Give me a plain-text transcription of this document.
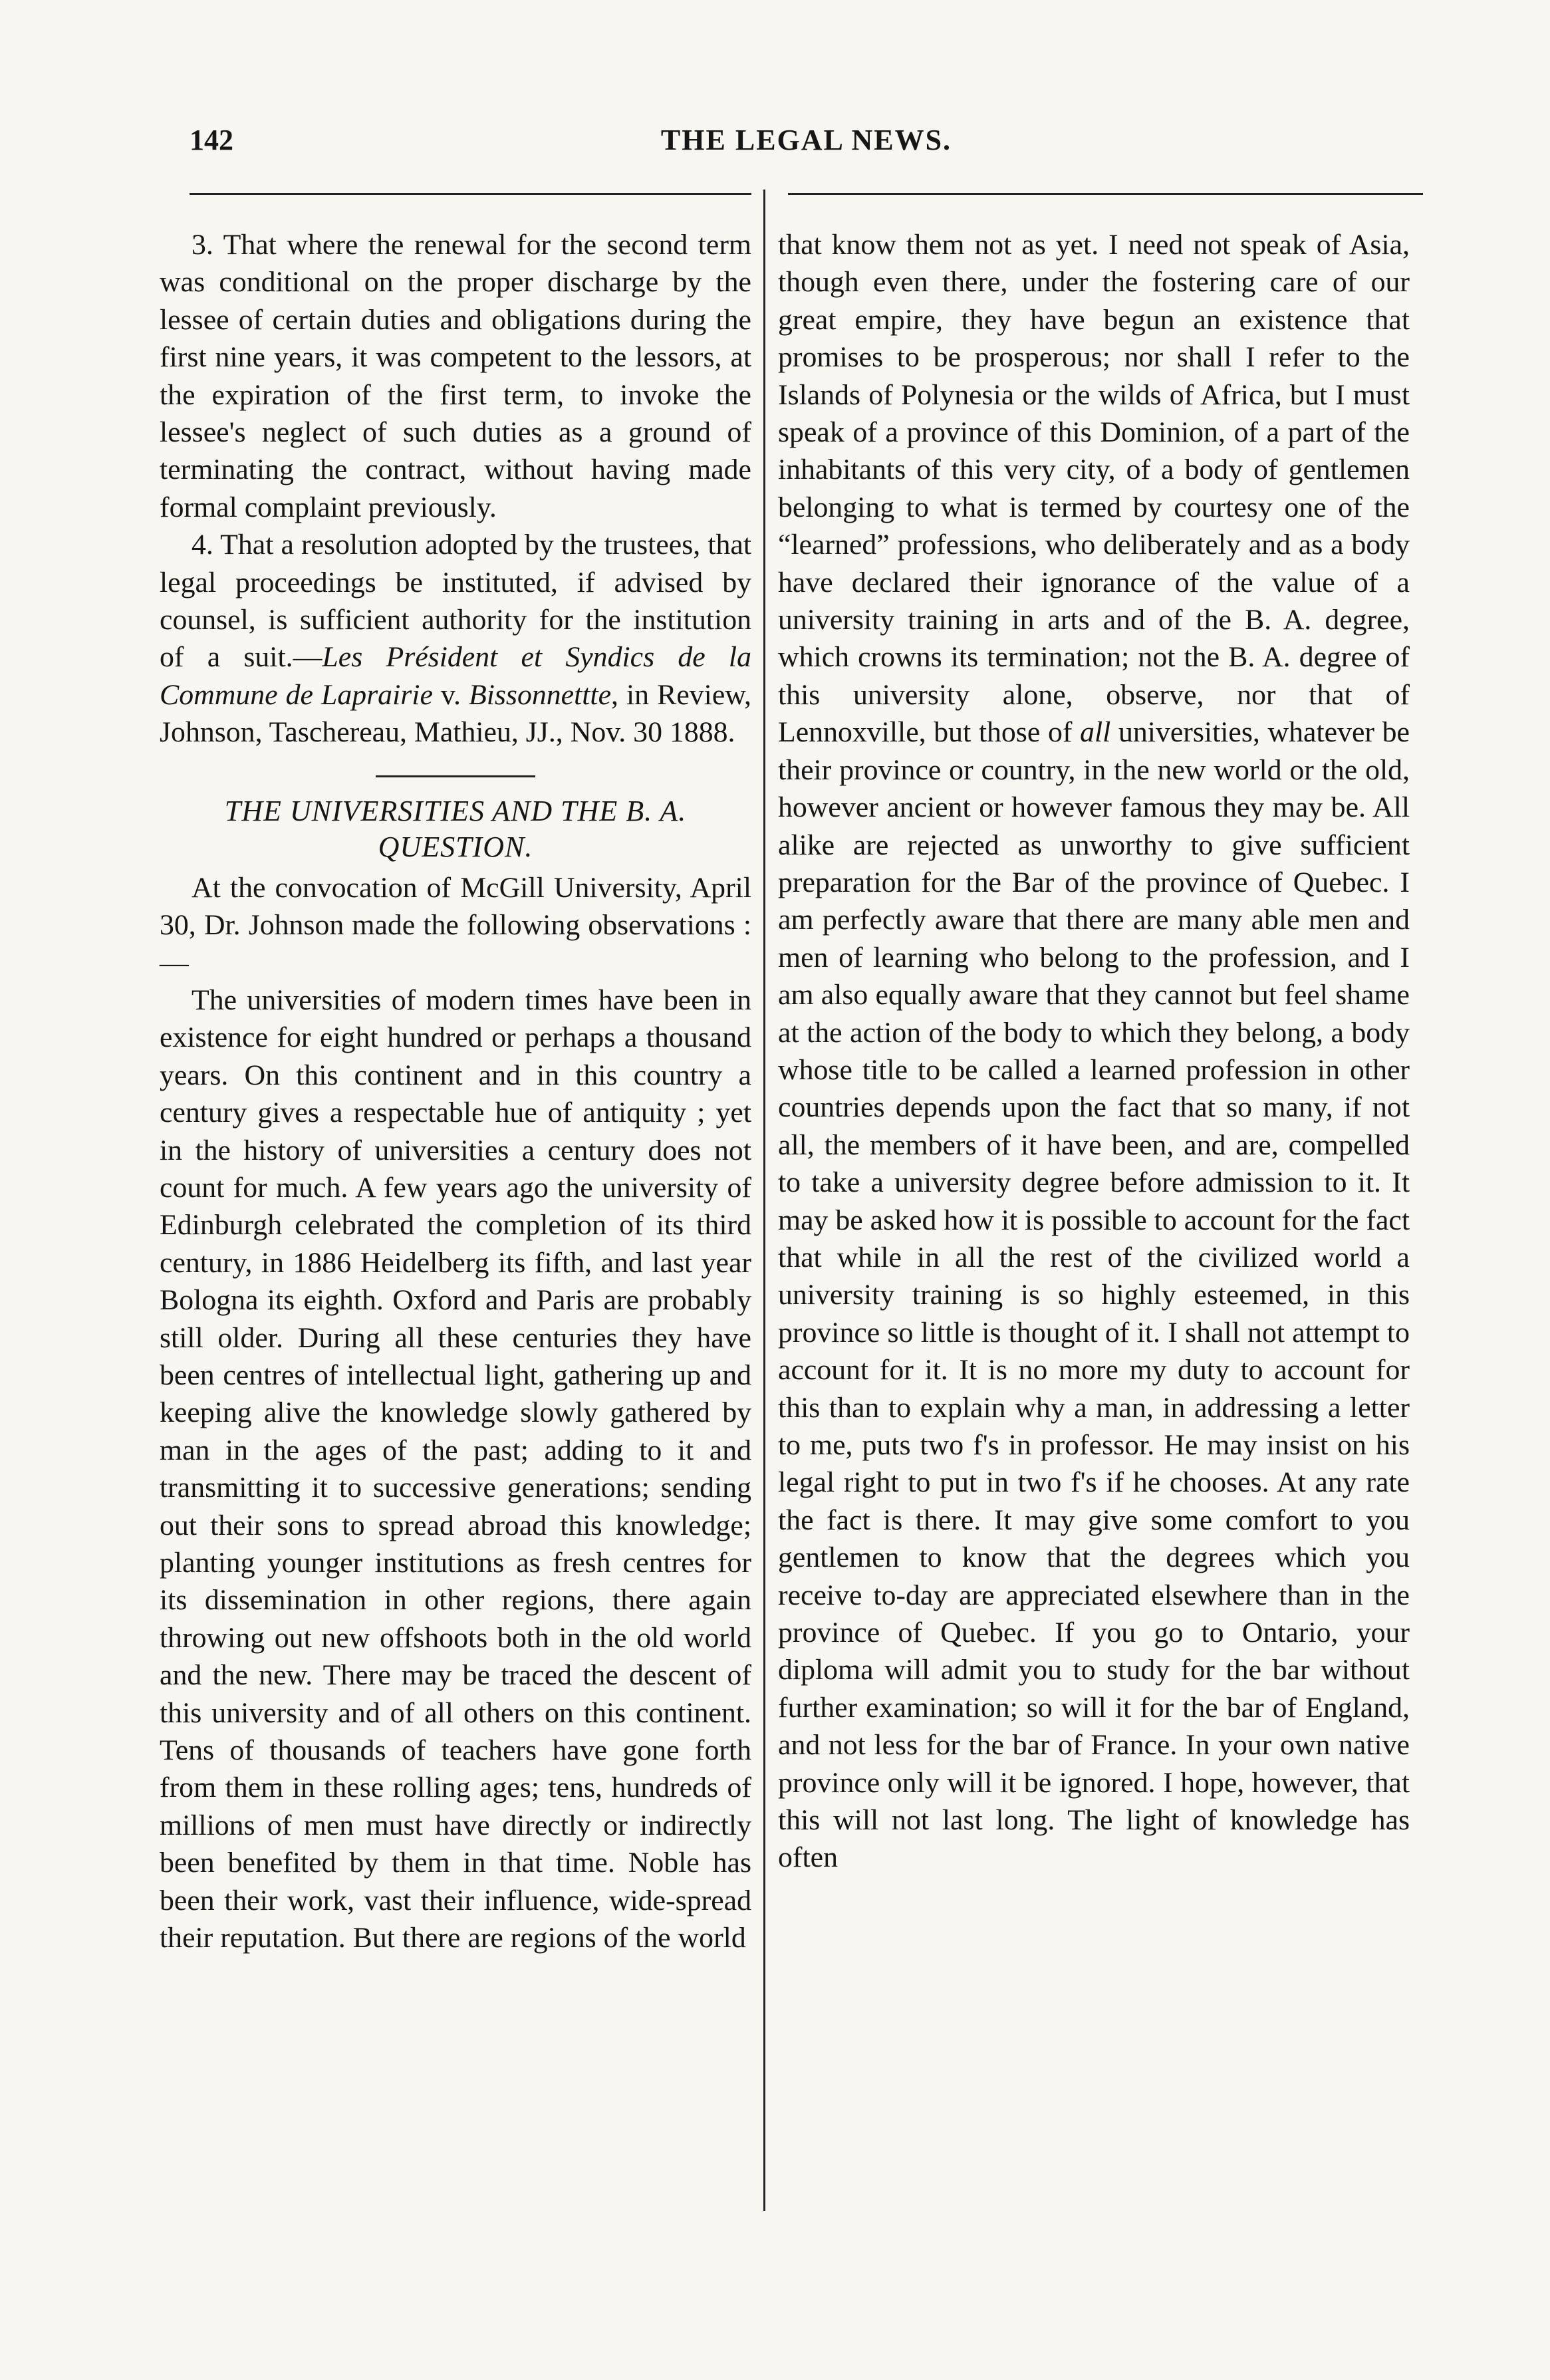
142	THE LEGAL NEWS.

3. That where the renewal for the second term was conditional on the proper discharge by the lessee of certain duties and obligations during the first nine years, it was competent to the lessors, at the expiration of the first term, to invoke the lessee's neglect of such duties as a ground of terminating the contract, without having made formal complaint previously.

4. That a resolution adopted by the trustees, that legal proceedings be instituted, if advised by counsel, is sufficient authority for the institution of a suit.—Les Président et Syndics de la Commune de Laprairie v. Bissonnettte, in Review, Johnson, Taschereau, Mathieu, JJ., Nov. 30 1888.

THE UNIVERSITIES AND THE B. A. QUESTION.

At the convocation of McGill University, April 30, Dr. Johnson made the following observations :—

The universities of modern times have been in existence for eight hundred or perhaps a thousand years. On this continent and in this country a century gives a respectable hue of antiquity ; yet in the history of universities a century does not count for much. A few years ago the university of Edinburgh celebrated the completion of its third century, in 1886 Heidelberg its fifth, and last year Bologna its eighth. Oxford and Paris are probably still older. During all these centuries they have been centres of intellectual light, gathering up and keeping alive the knowledge slowly gathered by man in the ages of the past; adding to it and transmitting it to successive generations; sending out their sons to spread abroad this knowledge; planting younger institutions as fresh centres for its dissemination in other regions, there again throwing out new offshoots both in the old world and the new. There may be traced the descent of this university and of all others on this continent. Tens of thousands of teachers have gone forth from them in these rolling ages; tens, hundreds of millions of men must have directly or indirectly been benefited by them in that time. Noble has been their work, vast their influence, wide-spread their reputation. But there are regions of the world

that know them not as yet. I need not speak of Asia, though even there, under the fostering care of our great empire, they have begun an existence that promises to be prosperous; nor shall I refer to the Islands of Polynesia or the wilds of Africa, but I must speak of a province of this Dominion, of a part of the inhabitants of this very city, of a body of gentlemen belonging to what is termed by courtesy one of the “learned” professions, who deliberately and as a body have declared their ignorance of the value of a university training in arts and of the B. A. degree, which crowns its termination; not the B. A. degree of this university alone, observe, nor that of Lennoxville, but those of all universities, whatever be their province or country, in the new world or the old, however ancient or however famous they may be. All alike are rejected as unworthy to give sufficient preparation for the Bar of the province of Quebec. I am perfectly aware that there are many able men and men of learning who belong to the profession, and I am also equally aware that they cannot but feel shame at the action of the body to which they belong, a body whose title to be called a learned profession in other countries depends upon the fact that so many, if not all, the members of it have been, and are, compelled to take a university degree before admission to it. It may be asked how it is possible to account for the fact that while in all the rest of the civilized world a university training is so highly esteemed, in this province so little is thought of it. I shall not attempt to account for it. It is no more my duty to account for this than to explain why a man, in addressing a letter to me, puts two f's in professor. He may insist on his legal right to put in two f's if he chooses. At any rate the fact is there. It may give some comfort to you gentlemen to know that the degrees which you receive to-day are appreciated elsewhere than in the province of Quebec. If you go to Ontario, your diploma will admit you to study for the bar without further examination; so will it for the bar of England, and not less for the bar of France. In your own native province only will it be ignored. I hope, however, that this will not last long. The light of knowledge has often
